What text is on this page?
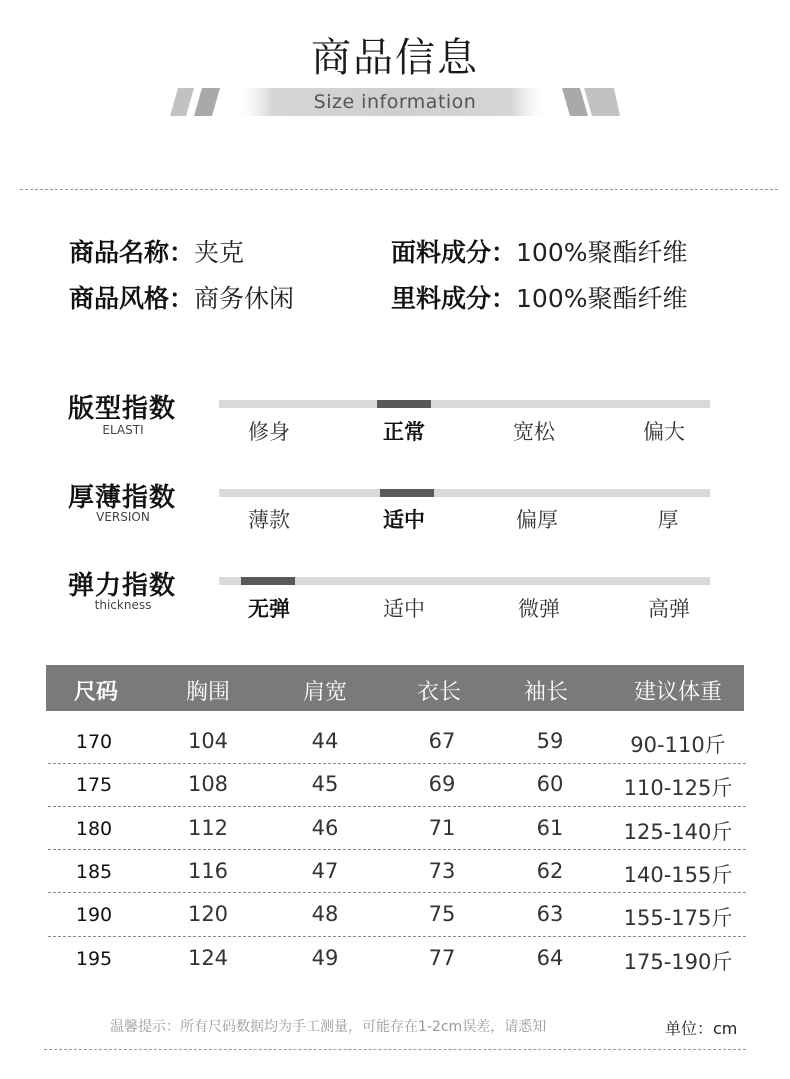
商品信息
Size information
商品名称：夹克
商品风格：商务休闲
面料成分：100%聚酯纤维
里料成分：100%聚酯纤维
版型指数
ELASTI	修身	正常	宽松	偏大
厚薄指数
VERSION	薄款	适中	偏厚	厚
弹力指数
thickness	无弹	适中	微弹	高弹
尺码	胸围	肩宽	衣长	袖长	建议体重
170	104	44	67	59	90-110斤
175	108	45	69	60	110-125斤
180	112	46	71	61	125-140斤
185	116	47	73	62	140-155斤
190	120	48	75	63	155-175斤
195	124	49	77	64	175-190斤
温馨提示：所有尺码数据均为手工测量，可能存在1-2cm误差，请悉知	单位：cm
